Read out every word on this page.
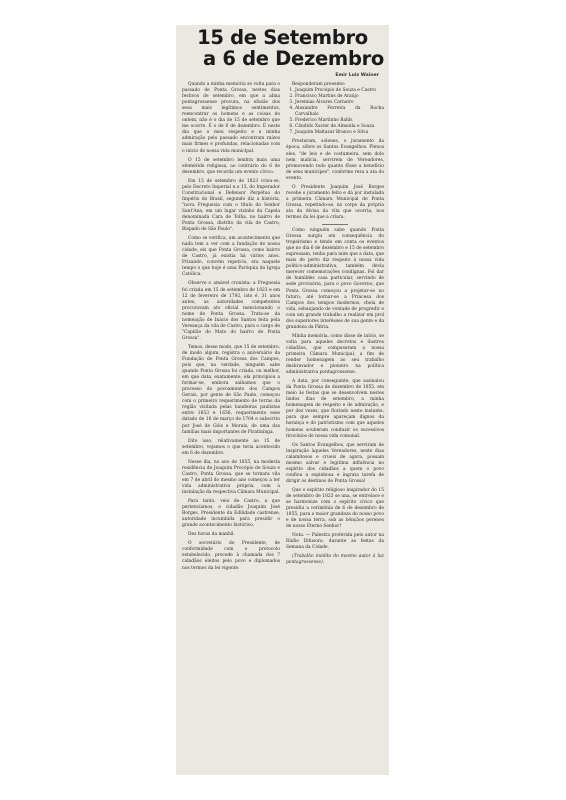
15 de Setembro
a 6 de Dezembro
Emir Luiz Wainer

Quando a minha memória se volta para o passado de Ponta Grossa, nestes dias festivos de setembro, em que a alma pontagrossense procura, na efusão dos seus mais legítimos sentimentos, reencontrar os homens e as coisas do ontem, não é o dia de 15 de setembro que me ocorre. É o de 6 de dezembro. É neste dia que o meu respeito e a minha admiração pelo passado encontram raízes mais firmes e profundas, relacionadas com o início de nossa vida municipal.

O 15 de setembro lembra mais uma efeméride religiosa, ao contrário do 6 de dezembro, que recorda um evento cívico.

Em 15 de setembro de 1823 criou-se, pelo Decreto Imperial n.o 15, do Imperador Constitucional e Defensor Perpétuo do Império do Brasil, segundo diz a história, "nova Freguesia com o título do Senhor Sant'Ana, em um lugar vizinho da Capela denominada Cara de Tolha, no bairro de Ponta Grossa, distrito da vila de Castro, Bispado de São Paulo".

Como se verifica, um acontecimento que nada tem a ver com a fundação de nossa cidade, eis que Ponta Grossa, como bairro de Castro, já existia há vários anos. Frisando, convém repeti-lo, era naquele tempo o que hoje é uma Paróquia da Igreja Católica.

Observe o amável cronista: a Freguesia foi criada em 15 de setembro de 1823 e em 12 de fevereiro de 1792, isto é, 31 anos antes, as autoridades competentes procuravam ato oficial mencionando o nome de Ponta Grossa. Trata-se da nomeação de Inácio dos Santos feita pela Vereança da vila de Castro, para o cargo de "Capitão do Mato do bairro de Ponta Grossa".

Temos, desse modo, que 15 de setembro, de modo algum, registra o aniversário da Fundação de Ponta Grossa dos Campos, pois que, na verdade, ninguém sabe quando Ponta Grossa foi criada, ou melhor, em que data, exatamente, ela principiou a formar-se, embora saibamos que o processo do povoamento dos Campos Gerais, por gente de São Paulo, começou com o primeiro requerimento de terras da região visitada pelas bandeiras paulistas entre 1653 e 1656, requerimento esse datado de 16 de março de 1704 e subscrito por José de Góis e Morais, de uma das famílias mais importantes de Piratininga.

Dito isso, relativamente ao 15 de setembro, vejamos o que teria acontecido em 6 de dezembro.

Nesse dia, no ano de 1855, na modesta residência de Joaquim Procópio de Souza e Castro, Ponta Grossa, que se tornara vila em 7 de abril do mesmo ano começou a ter vida administrativa própria, com a instalação da respectiva Câmara Municipal.

Para tanto, veio de Castro, a que pertencíamos, o cidadão Joaquim José Borges, Presidente da Edilidade castrense, autoridade incumbida para presidir o grande acontecimento histórico.

Dez horas da manhã.

O secretário do Presidente, de conformidade com o protocolo estabelecido, procede à chamada dos 7 cidadãos eleitos pelo povo e diplomados nos termos da lei vigente.

Responderam presente:

1. Joaquim Procópio de Souza e Castro
2. Francisco Martins de Araújo
3. Jeremias Álvares Carneiro
4. Alexandre Ferreira da Rocha Carvalhais
5. Frederico Martinho Bahls
6. Cândido Xavier de Almeida e Souza
7. Joaquim Maltazar Branco e Silva

Prestaram, solenes, o juramento da época, sôbre os Santos Evangelhos. Plenos eles, "de leis e de costumeira, sem dolo nem malícia, servirem de Vereadores, promovendo todo quanto fôsse a benefício de seus munícipes", conforme reza a ata do evento.

O Presidente Joaquim José Borges recebe o juramento feito e dá por instalada a primeira Câmara Municipal de Ponta Grossa, repetindo-se, no corpo da própria ata da divisa da vila que ocorria, nos termos da lei que a criara.

Como ninguém sabe quando Ponta Grossa surgiu em consequência do tropeirismo e tendo em conta os eventos que no dia 6 de dezembro e 15 de setembro expressam, tenho para mim que a data, que mais de perto diz respeito à nossa vida político-administrativa, também devia merecer comemorações condignas. Foi dar de humildes casa particular, servindo de sede provisória, para o povo Governo, que Ponta Grossa começou a projetar-se no futuro, até tornar-se a Princesa dos Campos dos tempos modernos, cheia de vida, esbanjando de vontade de progredir e com um grande trabalho a realizar em prol dos superiores interêsses de sua gente e da grandeza da Pátria.

Minha memória, como disse de início, se volta para aqueles decretos e ilustres cidadãos, que compuseram a nossa primeira Câmara Municipal, a fim de render homenagem ao seu trabalho desbravador e pioneiro na política administrativa pontagrossense.

A data, por conseguinte, que assinalou da Ponta Grossa de dezembro de 1855, em meio às festas que se desenvolvem nestes lindos dias de setembro, a minha homenagem de respeito e de admiração, e por dez vezes, que florindo neste instante, para que sempre apareçam dignos da herança e do patriotismo com que aqueles homens souberam conduzir os sucessivos tirocínios de nossa vida comunal.

Os Santos Evangelhos, que serviram de inspiração àqueles Vereadores, neste dias calamitosos e crueis de agora, possam mesmo salvar e legitima influência no espírito dos cidadãos a quem o povo confiou a espinhosa e ingrata tarefa de dirigir os destinos de Ponta Grossa!

Que o espírito religioso inspirador do 15 de setembro de 1823 se una, se entrelace e se harmonize com o espírito cívico que presidiu a cerimônia de 6 de dezembro de 1855, para a maior grandeza do nosso povo e de nossa terra, sob as bênçãos perenes de nosso Eterno Senhor!

Nota. — Palestra proferida pelo autor na Rádio Difusora, durante as festas da Semana da Cidade.

(Trabalho inédito do mesmo autor à luz pontagrossense).
